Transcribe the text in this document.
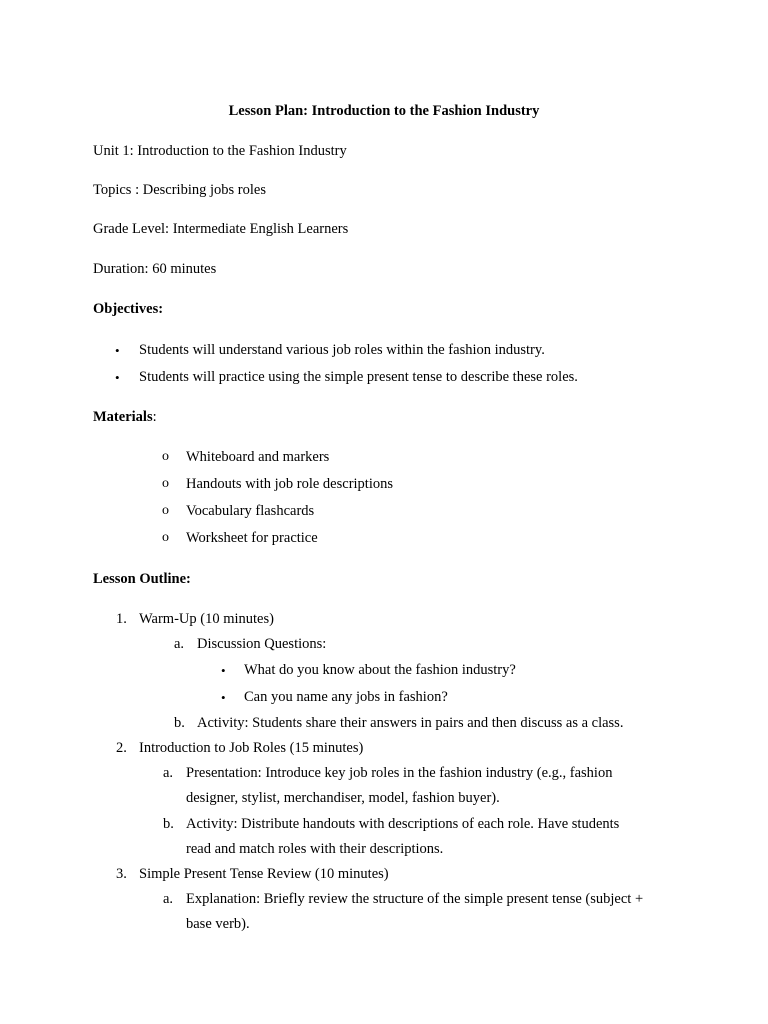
Lesson Plan: Introduction to the Fashion Industry
Unit 1: Introduction to the Fashion Industry
Topics : Describing jobs roles
Grade Level: Intermediate English Learners
Duration: 60 minutes
Objectives:
• Students will understand various job roles within the fashion industry.
• Students will practice using the simple present tense to describe these roles.
Materials:
o Whiteboard and markers
o Handouts with job role descriptions
o Vocabulary flashcards
o Worksheet for practice
Lesson Outline:
1. Warm-Up (10 minutes)
a. Discussion Questions:
• What do you know about the fashion industry?
• Can you name any jobs in fashion?
b. Activity: Students share their answers in pairs and then discuss as a class.
2. Introduction to Job Roles (15 minutes)
a. Presentation: Introduce key job roles in the fashion industry (e.g., fashion
designer, stylist, merchandiser, model, fashion buyer).
b. Activity: Distribute handouts with descriptions of each role. Have students
read and match roles with their descriptions.
3. Simple Present Tense Review (10 minutes)
a. Explanation: Briefly review the structure of the simple present tense (subject +
base verb).
